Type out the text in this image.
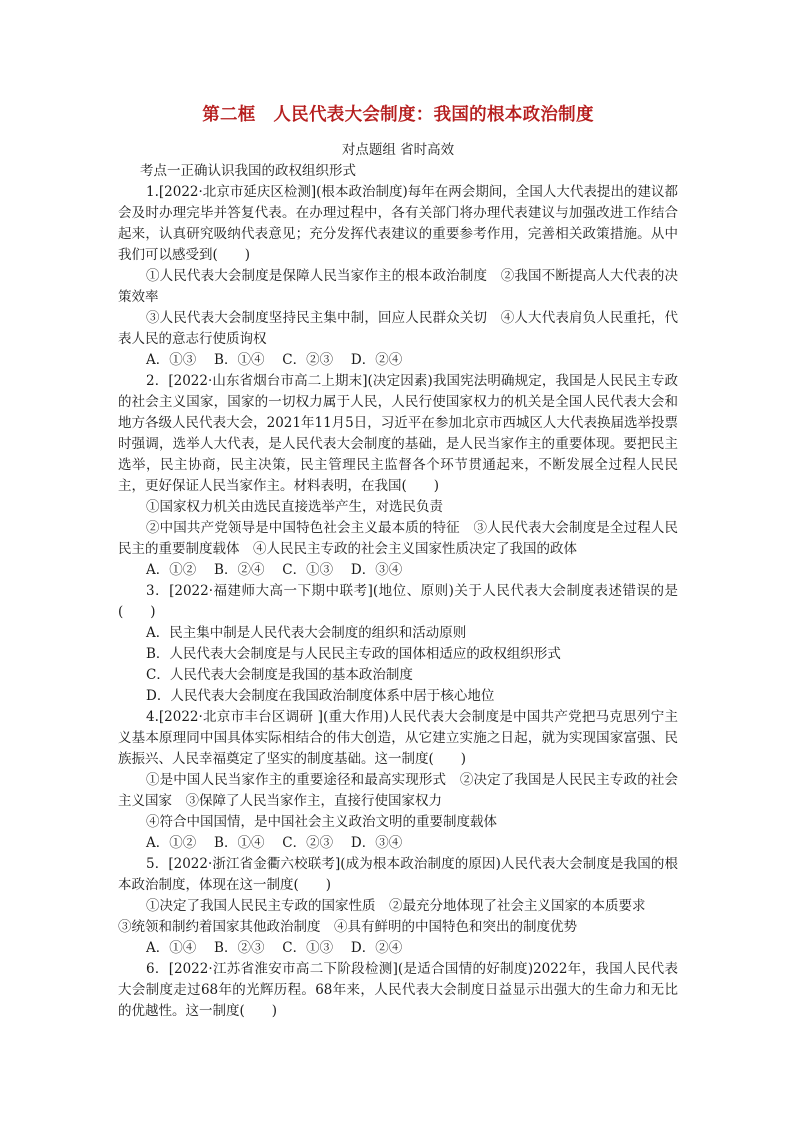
第二框　人民代表大会制度：我国的根本政治制度
对点题组 省时高效
考点一正确认识我国的政权组织形式
1.[2022·北京市延庆区检测](根本政治制度)每年在两会期间，全国人大代表提出的建议都会及时办理完毕并答复代表。在办理过程中，各有关部门将办理代表建议与加强改进工作结合起来，认真研究吸纳代表意见；充分发挥代表建议的重要参考作用，完善相关政策措施。从中我们可以感受到(　　)
①人民代表大会制度是保障人民当家作主的根本政治制度　②我国不断提高人大代表的决策效率
③人民代表大会制度坚持民主集中制，回应人民群众关切　④人大代表肩负人民重托，代表人民的意志行使质询权
A．①③　 B．①④　 C．②③　 D．②④
2．[2022·山东省烟台市高二上期末](决定因素)我国宪法明确规定，我国是人民民主专政的社会主义国家，国家的一切权力属于人民，人民行使国家权力的机关是全国人民代表大会和地方各级人民代表大会，2021年11月5日，习近平在参加北京市西城区人大代表换届选举投票时强调，选举人大代表，是人民代表大会制度的基础，是人民当家作主的重要体现。要把民主选举，民主协商，民主决策，民主管理民主监督各个环节贯通起来，不断发展全过程人民民主，更好保证人民当家作主。材料表明，在我国(　　)
①国家权力机关由选民直接选举产生，对选民负责
②中国共产党领导是中国特色社会主义最本质的特征　③人民代表大会制度是全过程人民民主的重要制度载体　④人民民主专政的社会主义国家性质决定了我国的政体
A．①②　 B．②④　 C．①③　 D．③④
3．[2022·福建师大高一下期中联考](地位、原则)关于人民代表大会制度表述错误的是(　　)
A．民主集中制是人民代表大会制度的组织和活动原则
B．人民代表大会制度是与人民民主专政的国体相适应的政权组织形式
C．人民代表大会制度是我国的基本政治制度
D．人民代表大会制度在我国政治制度体系中居于核心地位
4.[2022·北京市丰台区调研 ](重大作用)人民代表大会制度是中国共产党把马克思列宁主义基本原理同中国具体实际相结合的伟大创造，从它建立实施之日起，就为实现国家富强、民族振兴、人民幸福奠定了坚实的制度基础。这一制度(　　)
①是中国人民当家作主的重要途径和最高实现形式　②决定了我国是人民民主专政的社会主义国家　③保障了人民当家作主，直接行使国家权力
④符合中国国情，是中国社会主义政治文明的重要制度载体
A．①②　 B．①④　 C．②③　 D．③④
5．[2022·浙江省金衢六校联考](成为根本政治制度的原因)人民代表大会制度是我国的根本政治制度，体现在这一制度(　　)
①决定了我国人民民主专政的国家性质　②最充分地体现了社会主义国家的本质要求
③统领和制约着国家其他政治制度　④具有鲜明的中国特色和突出的制度优势
A．①④　 B．②③　 C．①③　 D．②④
6．[2022·江苏省淮安市高二下阶段检测](是适合国情的好制度)2022年，我国人民代表大会制度走过68年的光辉历程。68年来，人民代表大会制度日益显示出强大的生命力和无比的优越性。这一制度(　　)
